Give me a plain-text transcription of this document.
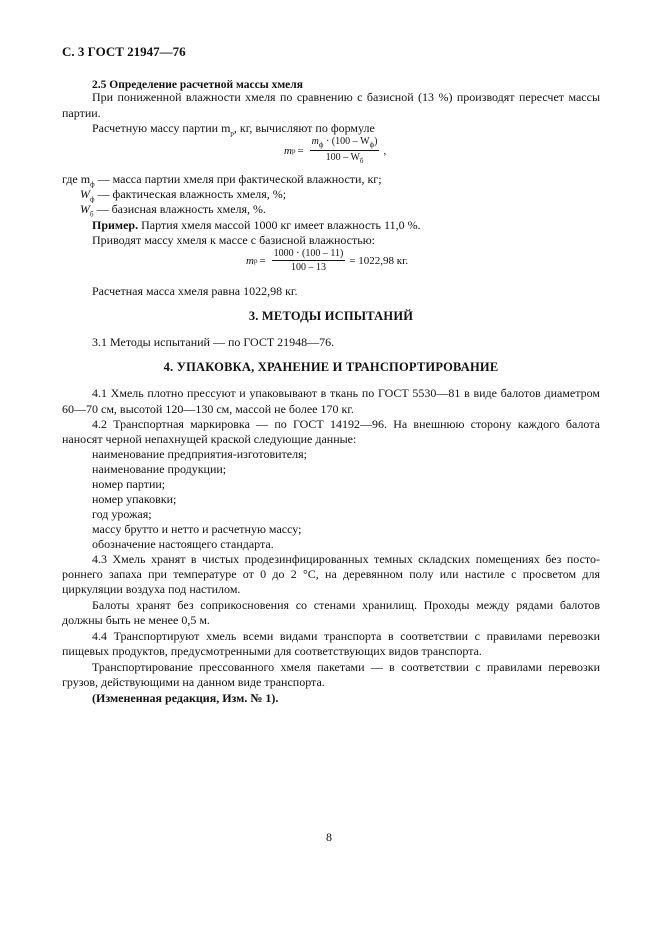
С. 3 ГОСТ 21947—76
2.5 Определение расчетной массы хмеля
При пониженной влажности хмеля по сравнению с базисной (13 %) производят пересчет массы
партии.
Расчетную массу партии $m_р$, кг, вычисляют по формуле
m $р = \frac{m_ф \cdot (100 - W_ф)}{100 - W_б}$ ,
где $m_ф$ — масса партии хмеля при фактической влажности, кг;
$W_ф$ — фактическая влажность хмеля, %;
$W_б$ — базисная влажность хмеля, %.
Пример. Партия хмеля массой 1000 кг имеет влажность 11,0 %.
Приводят массу хмеля к массе с базисной влажностью:
m $р = \frac{1000 \cdot (100 - 11)}{100 - 13} = 1022,98$ кг.
Расчетная масса хмеля равна 1022,98 кг.
3. МЕТОДЫ ИСПЫТАНИЙ
3.1 Методы испытаний — по ГОСТ 21948—76.
4. УПАКОВКА, ХРАНЕНИЕ И ТРАНСПОРТИРОВАНИЕ
4.1 Хмель плотно прессуют и упаковывают в ткань по ГОСТ 5530—81 в виде балотов диаметром
60—70 см, высотой 120—130 см, массой не более 170 кг.
4.2 Транспортная маркировка — по ГОСТ 14192—96. На внешнюю сторону каждого балота
наносят черной непахнущей краской следующие данные:
наименование предприятия-изготовителя;
наименование продукции;
номер партии;
номер упаковки;
год урожая;
массу брутто и нетто и расчетную массу;
обозначение настоящего стандарта.
4.3 Хмель хранят в чистых продезинфицированных темных складских помещениях без посто-
роннего запаха при температуре от 0 до 2 °С, на деревянном полу или настиле с просветом для
циркуляции воздуха под настилом.
Балоты хранят без соприкосновения со стенами хранилищ. Проходы между рядами балотов
должны быть не менее 0,5 м.
4.4 Транспортируют хмель всеми видами транспорта в соответствии с правилами перевозки
пищевых продуктов, предусмотренными для соответствующих видов транспорта.
Транспортирование прессованного хмеля пакетами — в соответствии с правилами перевозки
грузов, действующими на данном виде транспорта.
(Измененная редакция, Изм. № 1).
8
